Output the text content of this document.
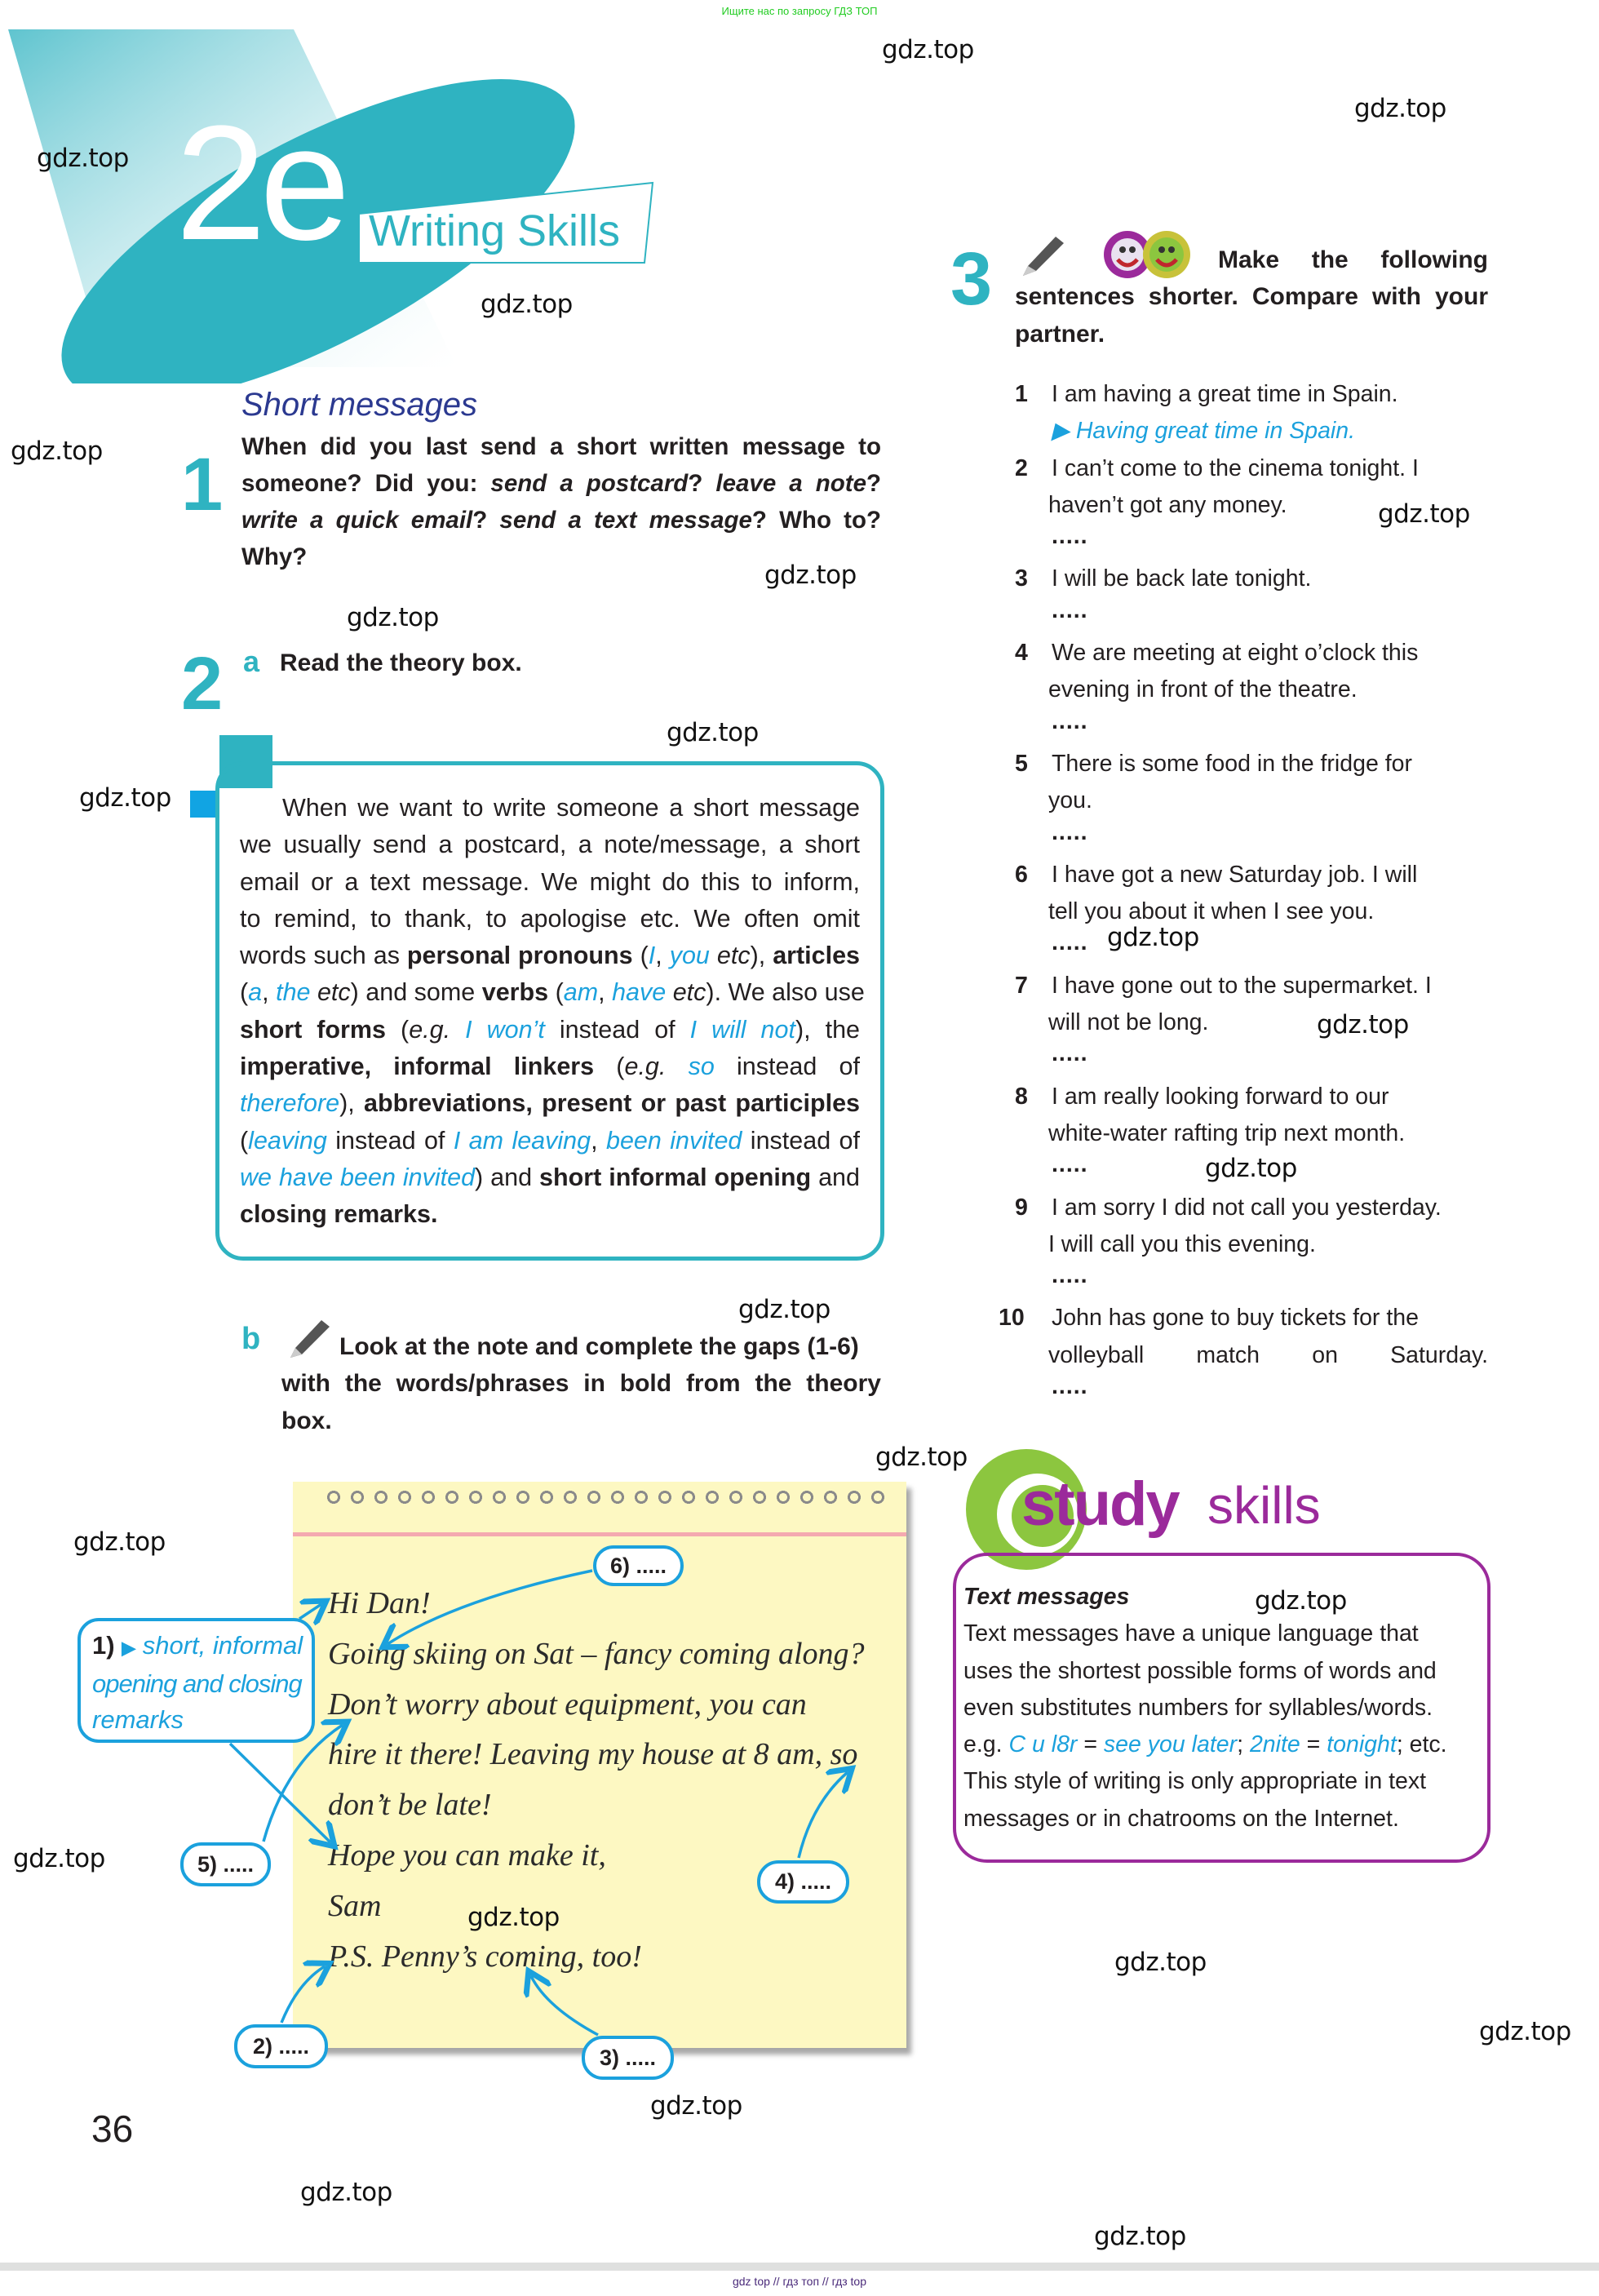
Ищите нас по запросу ГДЗ ТОП
2e Writing Skills
Short messages
1 When did you last send a short written message to
someone? Did you: send a postcard? leave a note?
write a quick email? send a text message? Who to?
Why?
2 a Read the theory box.
When we want to write someone a short message
we usually send a postcard, a note/message, a short
email or a text message. We might do this to inform,
to remind, to thank, to apologise etc. We often omit
words such as personal pronouns (I, you etc), articles
(a, the etc) and some verbs (am, have etc). We also use
short forms (e.g. I won’t instead of I will not), the
imperative, informal linkers (e.g. so instead of
therefore), abbreviations, present or past participles
(leaving instead of I am leaving, been invited instead of
we have been invited) and short informal opening and
closing remarks.
b	Look at the note and complete the gaps (1-6)
with the words/phrases in bold from the theory
box.
Hi Dan!
Going skiing on Sat – fancy coming along?
Don’t worry about equipment, you can
hire it there! Leaving my house at 8 am, so
don’t be late!
Hope you can make it,
Sam
P.S. Penny’s coming, too!
1) ▶ short, informal
opening and closing
remarks
6) .....
5) .....
4) .....
2) .....	3) .....
36
3	Make the following
sentences shorter. Compare with your
partner.
1 I am having a great time in Spain.
▶ Having great time in Spain.
2 I can’t come to the cinema tonight. I
haven’t got any money.
.....
3 I will be back late tonight.
.....
4 We are meeting at eight o’clock this
evening in front of the theatre.
.....
5 There is some food in the fridge for
you.
.....
6 I have got a new Saturday job. I will
tell you about it when I see you.
.....
7 I have gone out to the supermarket. I
will not be long.
.....
8 I am really looking forward to our
white-water rafting trip next month.
.....
9 I am sorry I did not call you yesterday.
I will call you this evening.
.....
10 John has gone to buy tickets for the
volleyball match on Saturday.
.....
study skills
Text messages
Text messages have a unique language that
uses the shortest possible forms of words and
even substitutes numbers for syllables/words.
e.g. C u l8r = see you later; 2nite = tonight; etc.
This style of writing is only appropriate in text
messages or in chatrooms on the Internet.
gdz.top
gdz.top
gdz.top
gdz.top
gdz.top
gdz.top
gdz.top
gdz.top
gdz.top
gdz.top
gdz.top
gdz.top
gdz.top
gdz.top
gdz.top
gdz.top
gdz.top
gdz.top
gdz.top
gdz.top
gdz.top
gdz.top
gdz.top
gdz.top
gdz top // гдз топ // гдз top
